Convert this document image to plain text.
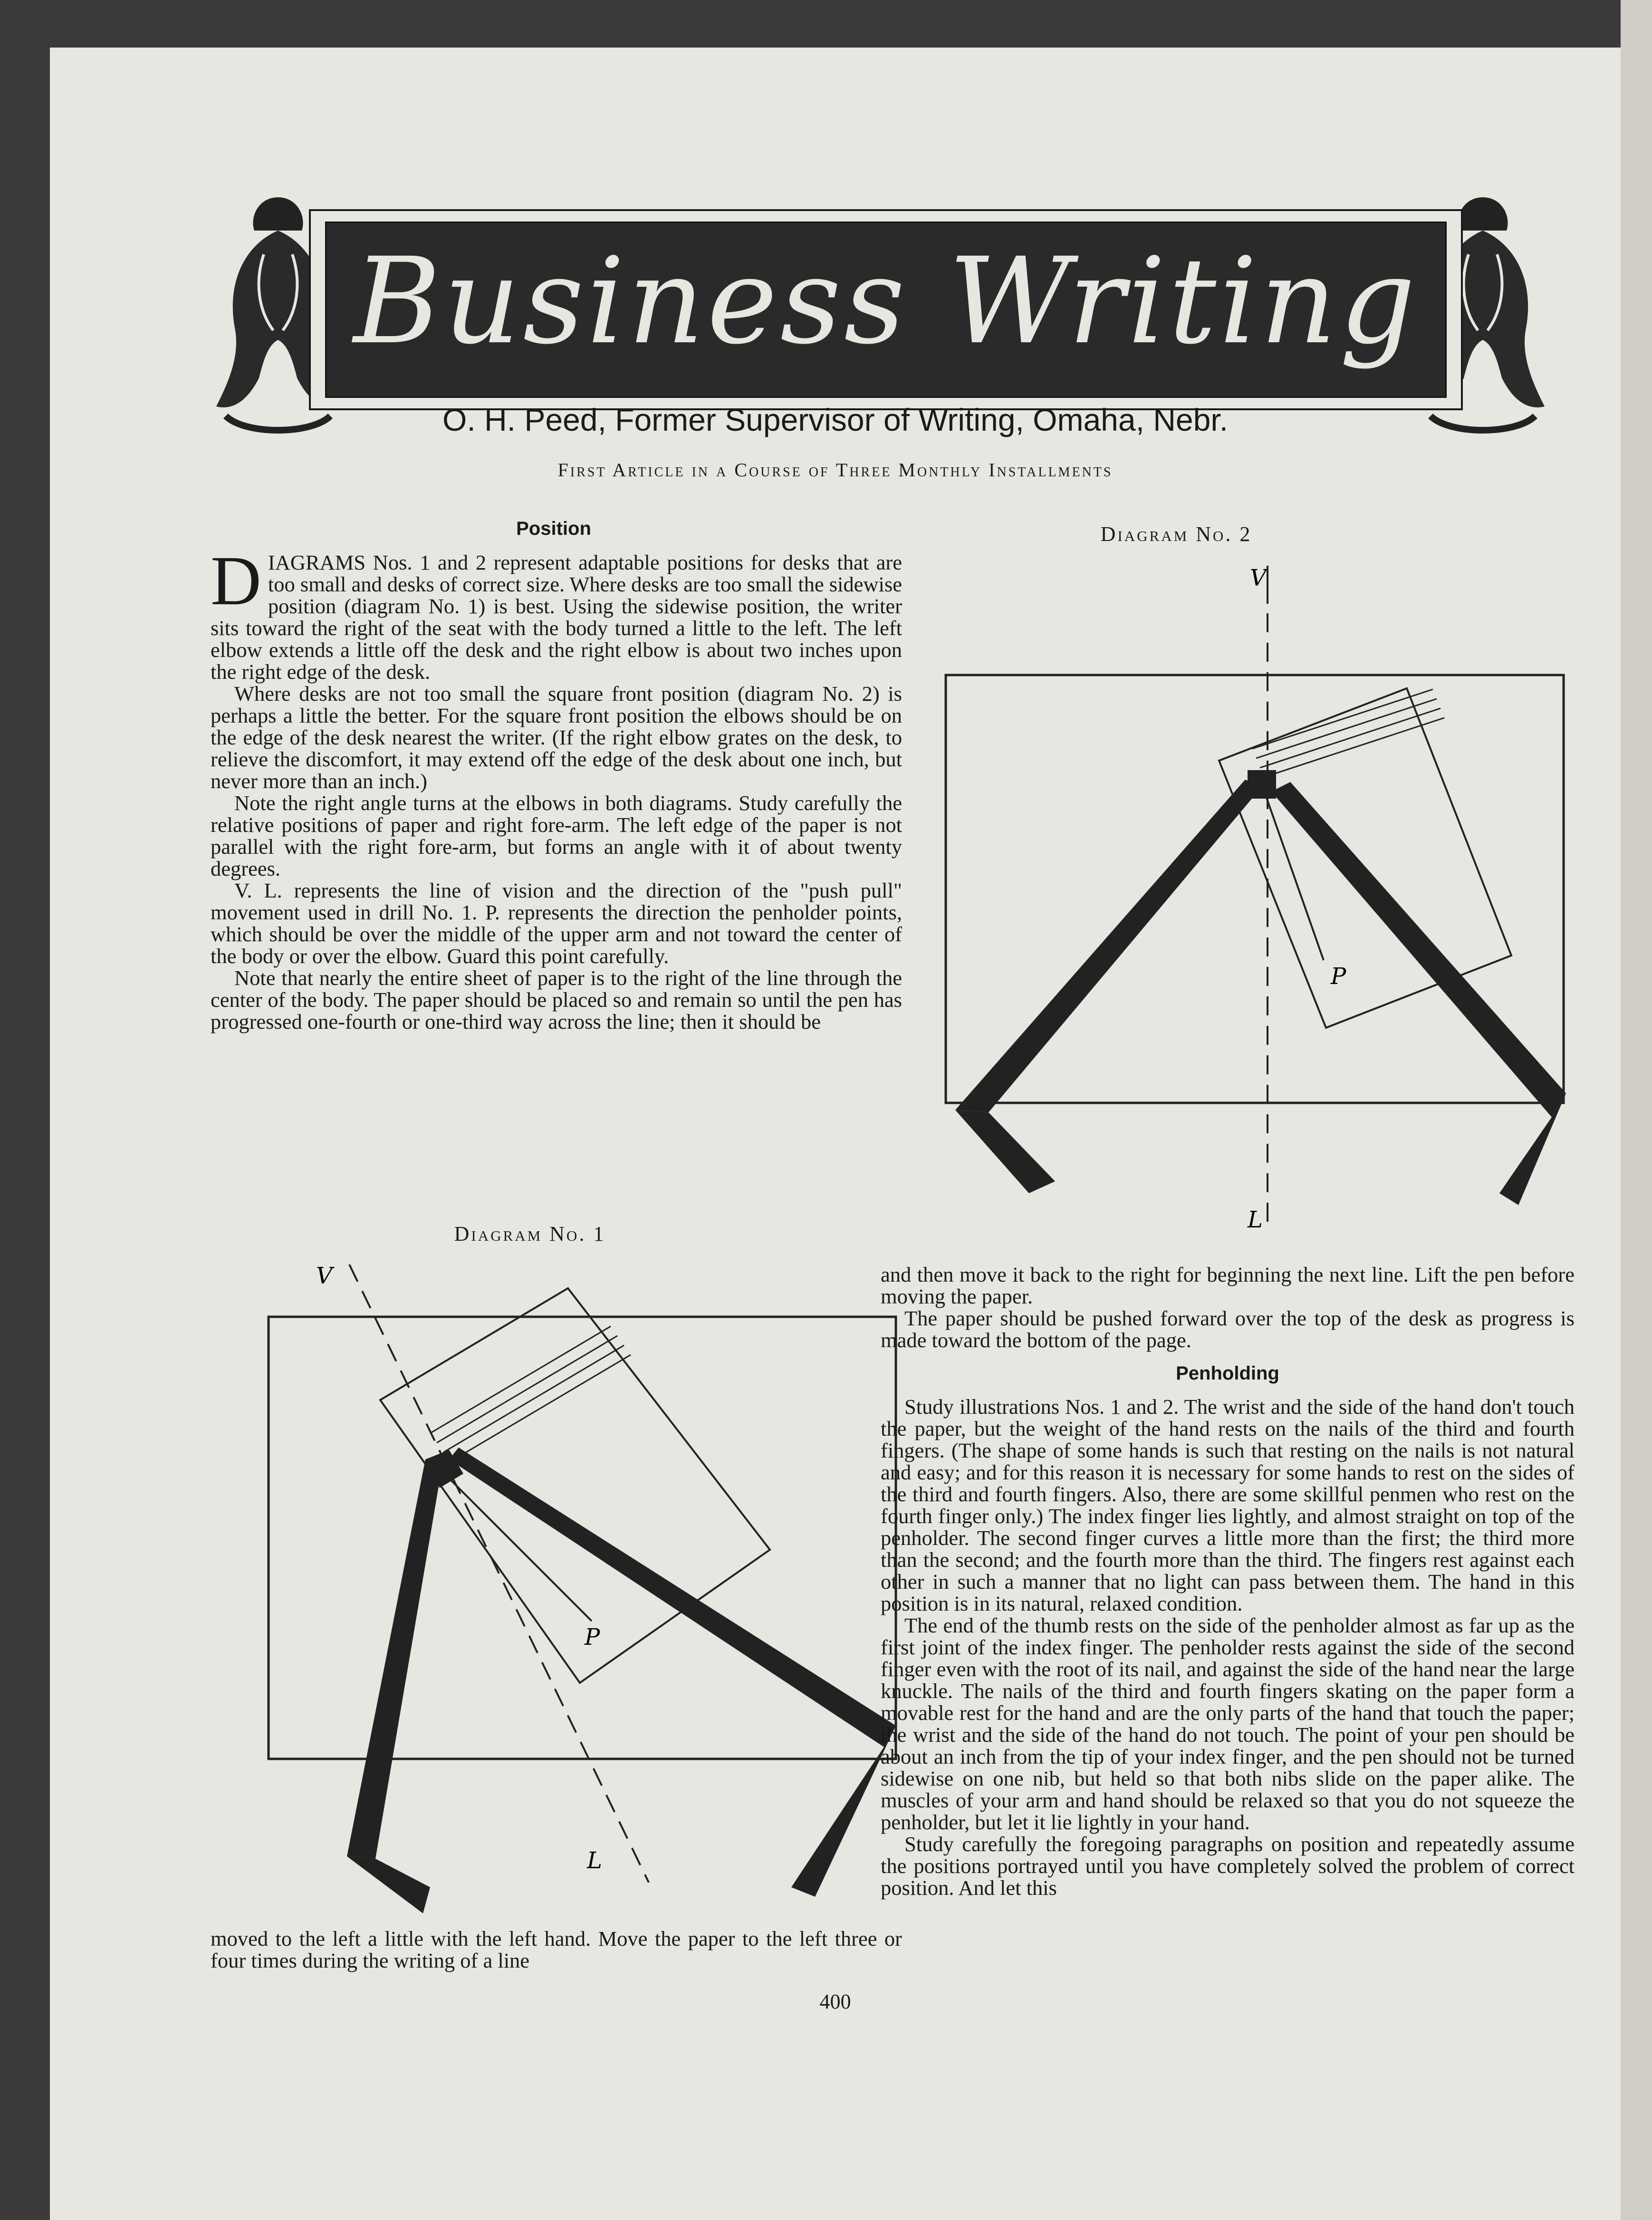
Business Writing
O. H. Peed, Former Supervisor of Writing, Omaha, Nebr.
First Article in a Course of Three Monthly Installments
Position

DIAGRAMS Nos. 1 and 2 represent adaptable positions for desks that are too small and desks of correct size. Where desks are too small the sidewise position (diagram No. 1) is best. Using the sidewise position, the writer sits toward the right of the seat with the body turned a little to the left. The left elbow extends a little off the desk and the right elbow is about two inches upon the right edge of the desk.

Where desks are not too small the square front position (diagram No. 2) is perhaps a little the better. For the square front position the elbows should be on the edge of the desk nearest the writer. (If the right elbow grates on the desk, to relieve the discomfort, it may extend off the edge of the desk about one inch, but never more than an inch.)

Note the right angle turns at the elbows in both diagrams. Study carefully the relative positions of paper and right fore-arm. The left edge of the paper is not parallel with the right fore-arm, but forms an angle with it of about twenty degrees.

V. L. represents the line of vision and the direction of the "push pull" movement used in drill No. 1. P. represents the direction the penholder points, which should be over the middle of the upper arm and not toward the center of the body or over the elbow. Guard this point carefully.

Note that nearly the entire sheet of paper is to the right of the line through the center of the body. The paper should be placed so and remain so until the pen has progressed one-fourth or one-third way across the line; then it should be

Diagram No. 2
V
L
P
Diagram No. 1
V
L
P

moved to the left a little with the left hand. Move the paper to the left three or four times during the writing of a line

and then move it back to the right for beginning the next line. Lift the pen before moving the paper.

The paper should be pushed forward over the top of the desk as progress is made toward the bottom of the page.

Penholding

Study illustrations Nos. 1 and 2. The wrist and the side of the hand don't touch the paper, but the weight of the hand rests on the nails of the third and fourth fingers. (The shape of some hands is such that resting on the nails is not natural and easy; and for this reason it is necessary for some hands to rest on the sides of the third and fourth fingers. Also, there are some skillful penmen who rest on the fourth finger only.) The index finger lies lightly, and almost straight on top of the penholder. The second finger curves a little more than the first; the third more than the second; and the fourth more than the third. The fingers rest against each other in such a manner that no light can pass between them. The hand in this position is in its natural, relaxed condition.

The end of the thumb rests on the side of the penholder almost as far up as the first joint of the index finger. The penholder rests against the side of the second finger even with the root of its nail, and against the side of the hand near the large knuckle. The nails of the third and fourth fingers skating on the paper form a movable rest for the hand and are the only parts of the hand that touch the paper; the wrist and the side of the hand do not touch. The point of your pen should be about an inch from the tip of your index finger, and the pen should not be turned sidewise on one nib, but held so that both nibs slide on the paper alike. The muscles of your arm and hand should be relaxed so that you do not squeeze the penholder, but let it lie lightly in your hand.

Study carefully the foregoing paragraphs on position and repeatedly assume the positions portrayed until you have completely solved the problem of correct position. And let this

400
